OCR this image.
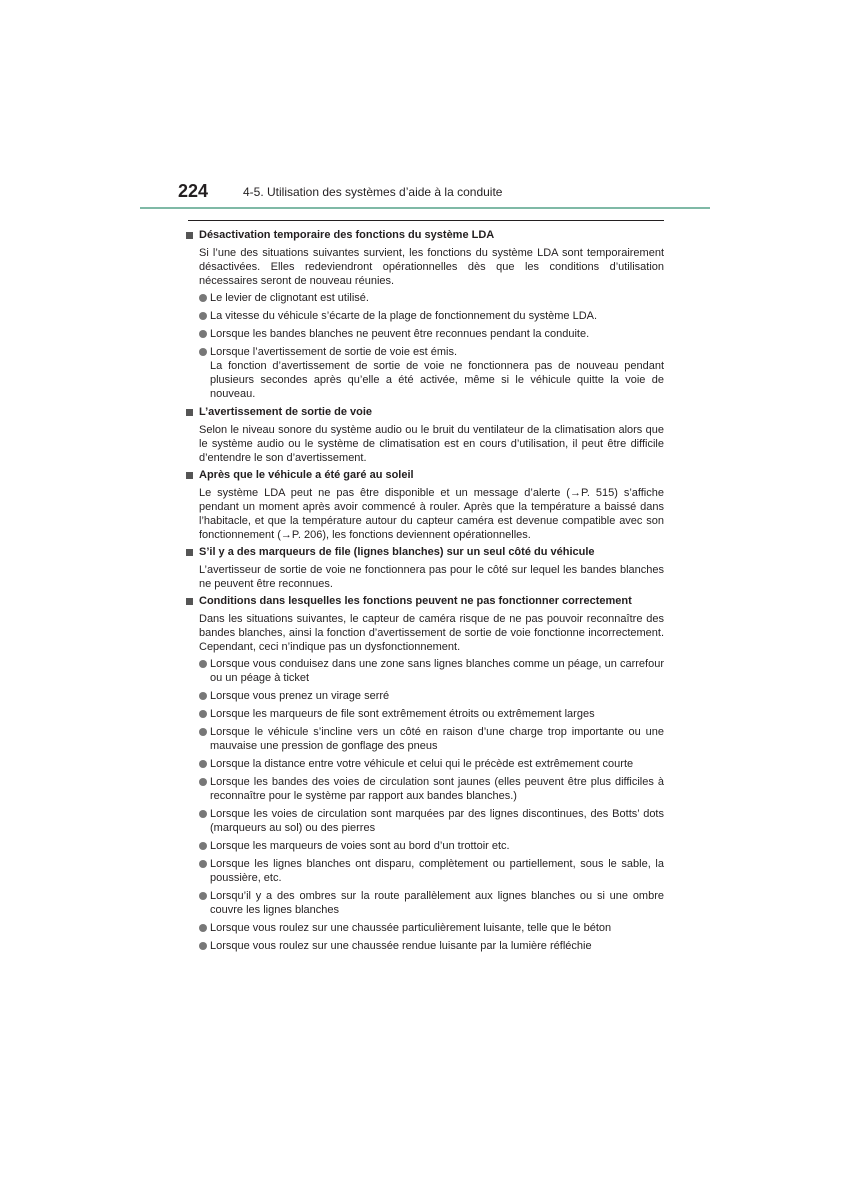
224	4-5. Utilisation des systèmes d’aide à la conduite
Désactivation temporaire des fonctions du système LDA
Si l’une des situations suivantes survient, les fonctions du système LDA sont temporairement désactivées. Elles redeviendront opérationnelles dès que les conditions d’utilisation nécessaires seront de nouveau réunies.
Le levier de clignotant est utilisé.
La vitesse du véhicule s’écarte de la plage de fonctionnement du système LDA.
Lorsque les bandes blanches ne peuvent être reconnues pendant la conduite.
Lorsque l’avertissement de sortie de voie est émis.
La fonction d’avertissement de sortie de voie ne fonctionnera pas de nouveau pendant plusieurs secondes après qu’elle a été activée, même si le véhicule quitte la voie de nouveau.
L’avertissement de sortie de voie
Selon le niveau sonore du système audio ou le bruit du ventilateur de la climatisation alors que le système audio ou le système de climatisation est en cours d’utilisation, il peut être difficile d’entendre le son d’avertissement.
Après que le véhicule a été garé au soleil
Le système LDA peut ne pas être disponible et un message d’alerte (→P. 515) s’affiche pendant un moment après avoir commencé à rouler. Après que la température a baissé dans l’habitacle, et que la température autour du capteur caméra est devenue compatible avec son fonctionnement (→P. 206), les fonctions deviennent opérationnelles.
S’il y a des marqueurs de file (lignes blanches) sur un seul côté du véhicule
L’avertisseur de sortie de voie ne fonctionnera pas pour le côté sur lequel les bandes blanches ne peuvent être reconnues.
Conditions dans lesquelles les fonctions peuvent ne pas fonctionner correctement
Dans les situations suivantes, le capteur de caméra risque de ne pas pouvoir reconnaître des bandes blanches, ainsi la fonction d’avertissement de sortie de voie fonctionne incorrectement. Cependant, ceci n’indique pas un dysfonctionnement.
Lorsque vous conduisez dans une zone sans lignes blanches comme un péage, un carrefour ou un péage à ticket
Lorsque vous prenez un virage serré
Lorsque les marqueurs de file sont extrêmement étroits ou extrêmement larges
Lorsque le véhicule s’incline vers un côté en raison d’une charge trop importante ou une mauvaise une pression de gonflage des pneus
Lorsque la distance entre votre véhicule et celui qui le précède est extrêmement courte
Lorsque les bandes des voies de circulation sont jaunes (elles peuvent être plus difficiles à reconnaître pour le système par rapport aux bandes blanches.)
Lorsque les voies de circulation sont marquées par des lignes discontinues, des Botts’ dots (marqueurs au sol) ou des pierres
Lorsque les marqueurs de voies sont au bord d’un trottoir etc.
Lorsque les lignes blanches ont disparu, complètement ou partiellement, sous le sable, la poussière, etc.
Lorsqu’il y a des ombres sur la route parallèlement aux lignes blanches ou si une ombre couvre les lignes blanches
Lorsque vous roulez sur une chaussée particulièrement luisante, telle que le béton
Lorsque vous roulez sur une chaussée rendue luisante par la lumière réfléchie
